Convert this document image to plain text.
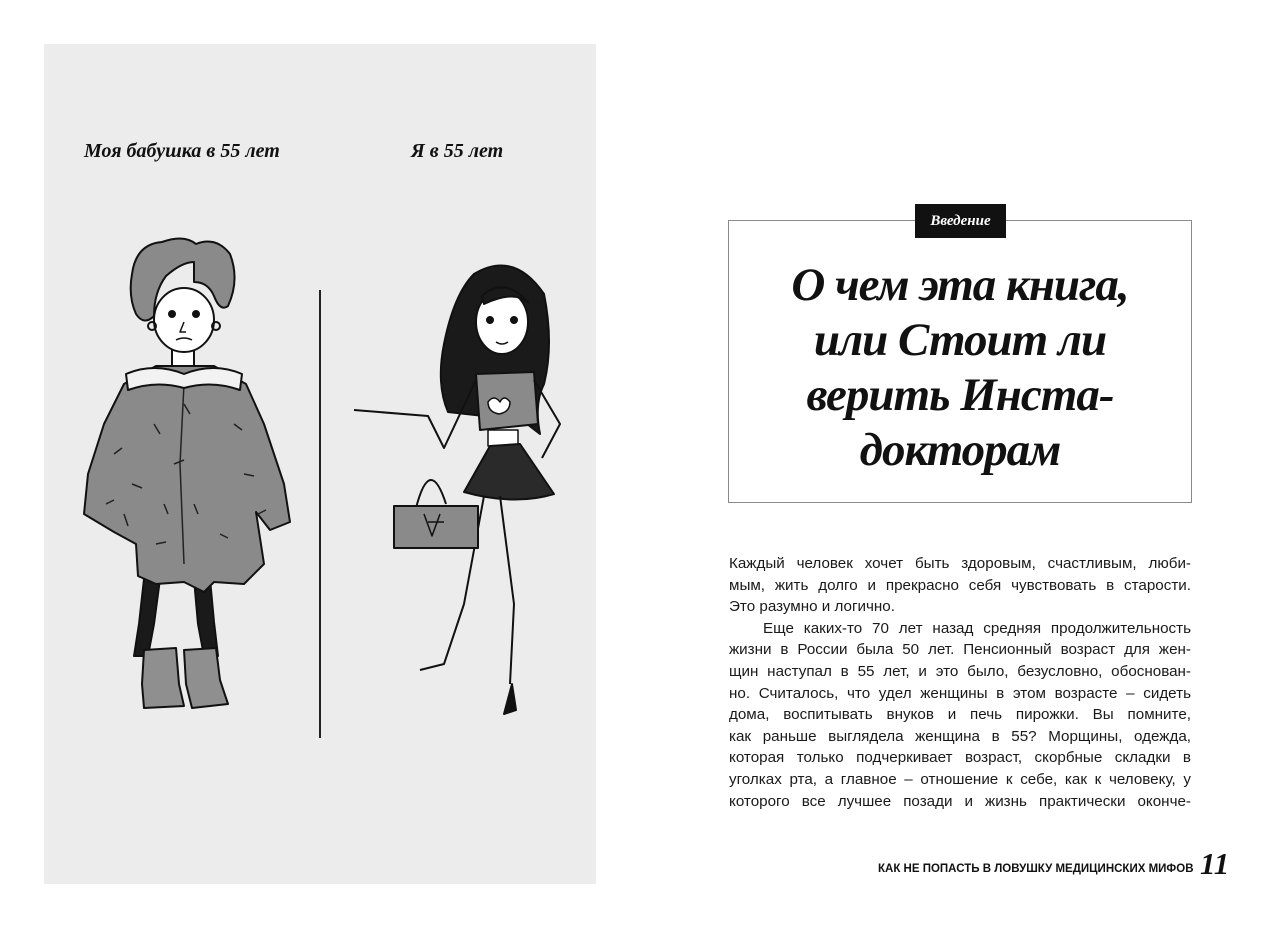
Моя бабушка в 55 лет	Я в 55 лет
Введение
О чем эта книга,
или Стоит ли
верить Инста-
докторам
Каждый человек хочет быть здоровым, счастливым, люби-
мым, жить долго и прекрасно себя чувствовать в старости.
Это разумно и логично.
Еще каких-то 70 лет назад средняя продолжительность
жизни в России была 50 лет. Пенсионный возраст для жен-
щин наступал в 55 лет, и это было, безусловно, обоснован-
но. Считалось, что удел женщины в этом возрасте – сидеть
дома, воспитывать внуков и печь пирожки. Вы помните,
как раньше выглядела женщина в 55? Морщины, одежда,
которая только подчеркивает возраст, скорбные складки в
уголках рта, а главное – отношение к себе, как к человеку, у
которого все лучшее позади и жизнь практически оконче-
КАК НЕ ПОПАСТЬ В ЛОВУШКУ МЕДИЦИНСКИХ МИФОВ 11
